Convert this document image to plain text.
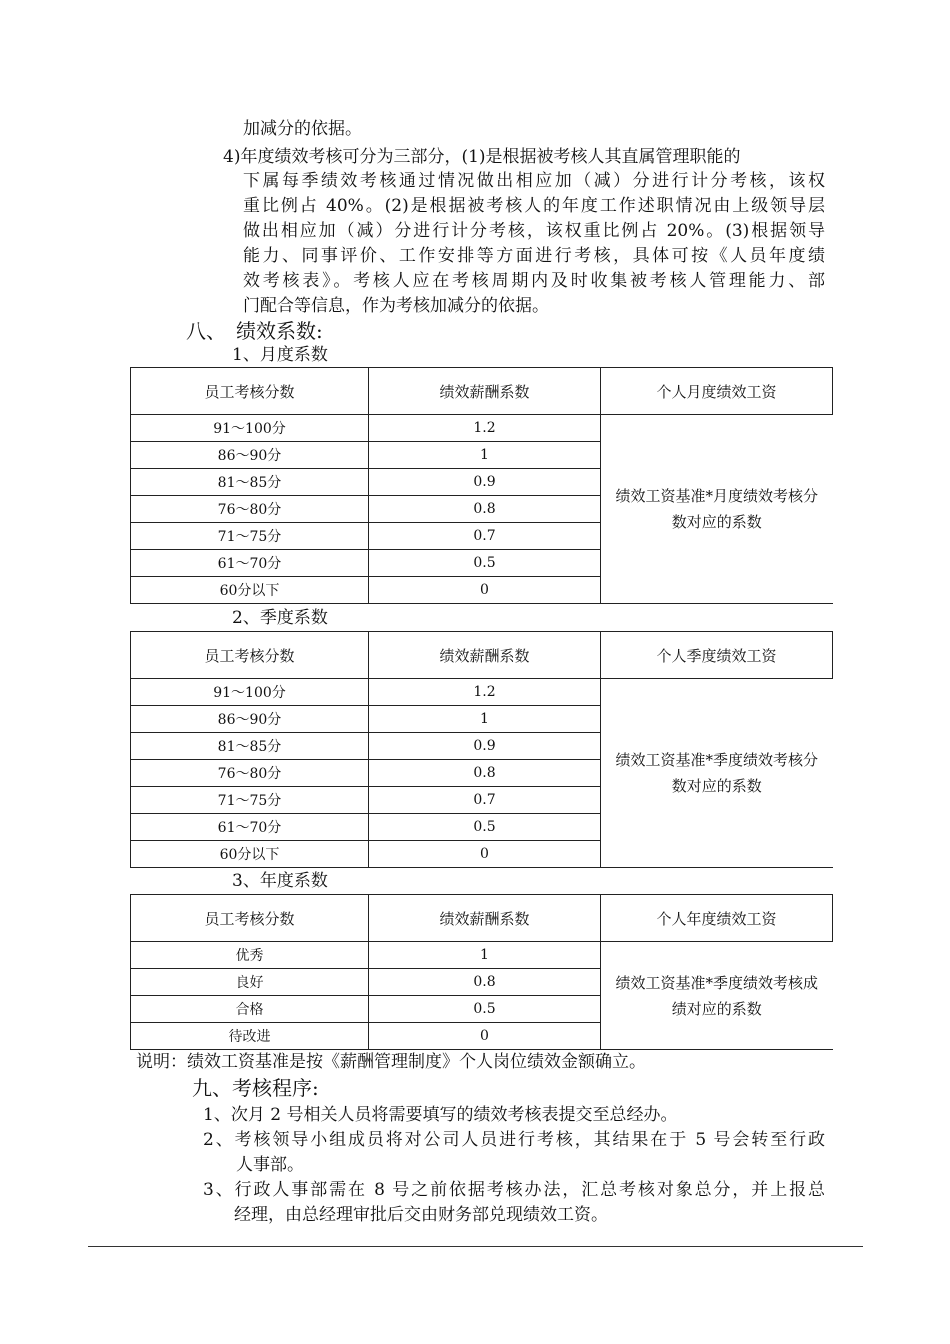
加减分的依据。
4)年度绩效考核可分为三部分，(1)是根据被考核人其直属管理职能的
下属每季绩效考核通过情况做出相应加（减）分进行计分考核，该权
重比例占 40%。(2)是根据被考核人的年度工作述职情况由上级领导层
做出相应加（减）分进行计分考核，该权重比例占 20%。(3)根据领导
能力、同事评价、工作安排等方面进行考核，具体可按《人员年度绩
效考核表》。考核人应在考核周期内及时收集被考核人管理能力、部
门配合等信息，作为考核加减分的依据。
八、　绩效系数:
1、月度系数
员工考核分数	绩效薪酬系数	个人月度绩效工资
91～100分	1.2	绩效工资基准*月度绩效考核分
数对应的系数

86～90分	1	
81～85分	0.9	
76～80分	0.8	
71～75分	0.7	
61～70分	0.5	
60分以下	0	
2、季度系数
员工考核分数	绩效薪酬系数	个人季度绩效工资
91～100分	1.2	绩效工资基准*季度绩效考核分
数对应的系数

86～90分	1	
81～85分	0.9	
76～80分	0.8	
71～75分	0.7	
61～70分	0.5	
60分以下	0	
3、年度系数
员工考核分数	绩效薪酬系数	个人年度绩效工资
优秀	1	绩效工资基准*季度绩效考核成
绩对应的系数

良好	0.8	
合格	0.5	
待改进	0	
说明：绩效工资基准是按《薪酬管理制度》个人岗位绩效金额确立。
九、考核程序:
1、次月 2 号相关人员将需要填写的绩效考核表提交至总经办。
2、考核领导小组成员将对公司人员进行考核，其结果在于 5 号会转至行政
人事部。
3、行政人事部需在 8 号之前依据考核办法，汇总考核对象总分，并上报总
经理，由总经理审批后交由财务部兑现绩效工资。
